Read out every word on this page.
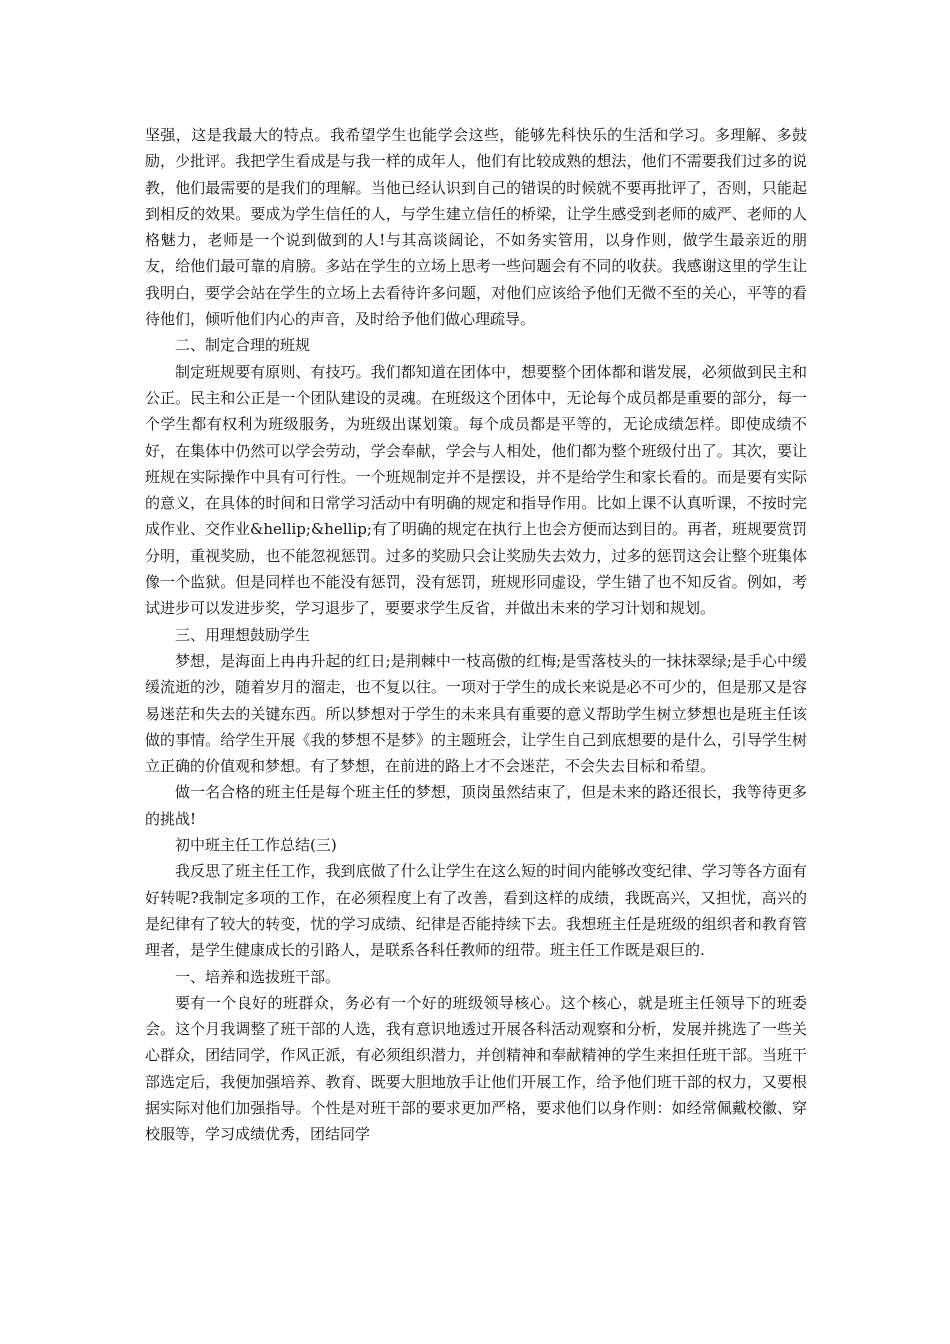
坚强，这是我最大的特点。我希望学生也能学会这些，能够先科快乐的生活和学习。多理解、多鼓励，少批评。我把学生看成是与我一样的成年人，他们有比较成熟的想法，他们不需要我们过多的说教，他们最需要的是我们的理解。当他已经认识到自己的错误的时候就不要再批评了，否则，只能起到相反的效果。要成为学生信任的人，与学生建立信任的桥梁，让学生感受到老师的威严、老师的人格魅力，老师是一个说到做到的人!与其高谈阔论，不如务实管用，以身作则，做学生最亲近的朋友，给他们最可靠的肩膀。多站在学生的立场上思考一些问题会有不同的收获。我感谢这里的学生让我明白，要学会站在学生的立场上去看待许多问题，对他们应该给予他们无微不至的关心，平等的看待他们，倾听他们内心的声音，及时给予他们做心理疏导。

二、制定合理的班规

制定班规要有原则、有技巧。我们都知道在团体中，想要整个团体都和谐发展，必须做到民主和公正。民主和公正是一个团队建设的灵魂。在班级这个团体中，无论每个成员都是重要的部分，每一个学生都有权利为班级服务，为班级出谋划策。每个成员都是平等的，无论成绩怎样。即使成绩不好，在集体中仍然可以学会劳动，学会奉献，学会与人相处，他们都为整个班级付出了。其次，要让班规在实际操作中具有可行性。一个班规制定并不是摆设，并不是给学生和家长看的。而是要有实际的意义，在具体的时间和日常学习活动中有明确的规定和指导作用。比如上课不认真听课，不按时完成作业、交作业&hellip;&hellip;有了明确的规定在执行上也会方便而达到目的。再者，班规要赏罚分明，重视奖励，也不能忽视惩罚。过多的奖励只会让奖励失去效力，过多的惩罚这会让整个班集体像一个监狱。但是同样也不能没有惩罚，没有惩罚，班规形同虚设，学生错了也不知反省。例如，考试进步可以发进步奖，学习退步了，要要求学生反省，并做出未来的学习计划和规划。

三、用理想鼓励学生

梦想，是海面上冉冉升起的红日;是荆棘中一枝高傲的红梅;是雪落枝头的一抹抹翠绿;是手心中缓缓流逝的沙，随着岁月的溜走，也不复以往。一项对于学生的成长来说是必不可少的，但是那又是容易迷茫和失去的关键东西。所以梦想对于学生的未来具有重要的意义帮助学生树立梦想也是班主任该做的事情。给学生开展《我的梦想不是梦》的主题班会，让学生自己到底想要的是什么，引导学生树立正确的价值观和梦想。有了梦想，在前进的路上才不会迷茫，不会失去目标和希望。

做一名合格的班主任是每个班主任的梦想，顶岗虽然结束了，但是未来的路还很长，我等待更多的挑战!

初中班主任工作总结(三)

我反思了班主任工作，我到底做了什么让学生在这么短的时间内能够改变纪律、学习等各方面有好转呢?我制定多项的工作，在必须程度上有了改善，看到这样的成绩，我既高兴，又担忧，高兴的是纪律有了较大的转变，忧的学习成绩、纪律是否能持续下去。我想班主任是班级的组织者和教育管理者，是学生健康成长的引路人，是联系各科任教师的纽带。班主任工作既是艰巨的.

一、培养和选拔班干部。

要有一个良好的班群众，务必有一个好的班级领导核心。这个核心，就是班主任领导下的班委会。这个月我调整了班干部的人选，我有意识地透过开展各科活动观察和分析，发展并挑选了一些关心群众，团结同学，作风正派，有必须组织潜力，并创精神和奉献精神的学生来担任班干部。当班干部选定后，我便加强培养、教育、既要大胆地放手让他们开展工作，给予他们班干部的权力，又要根据实际对他们加强指导。个性是对班干部的要求更加严格，要求他们以身作则：如经常佩戴校徽、穿校服等，学习成绩优秀，团结同学
